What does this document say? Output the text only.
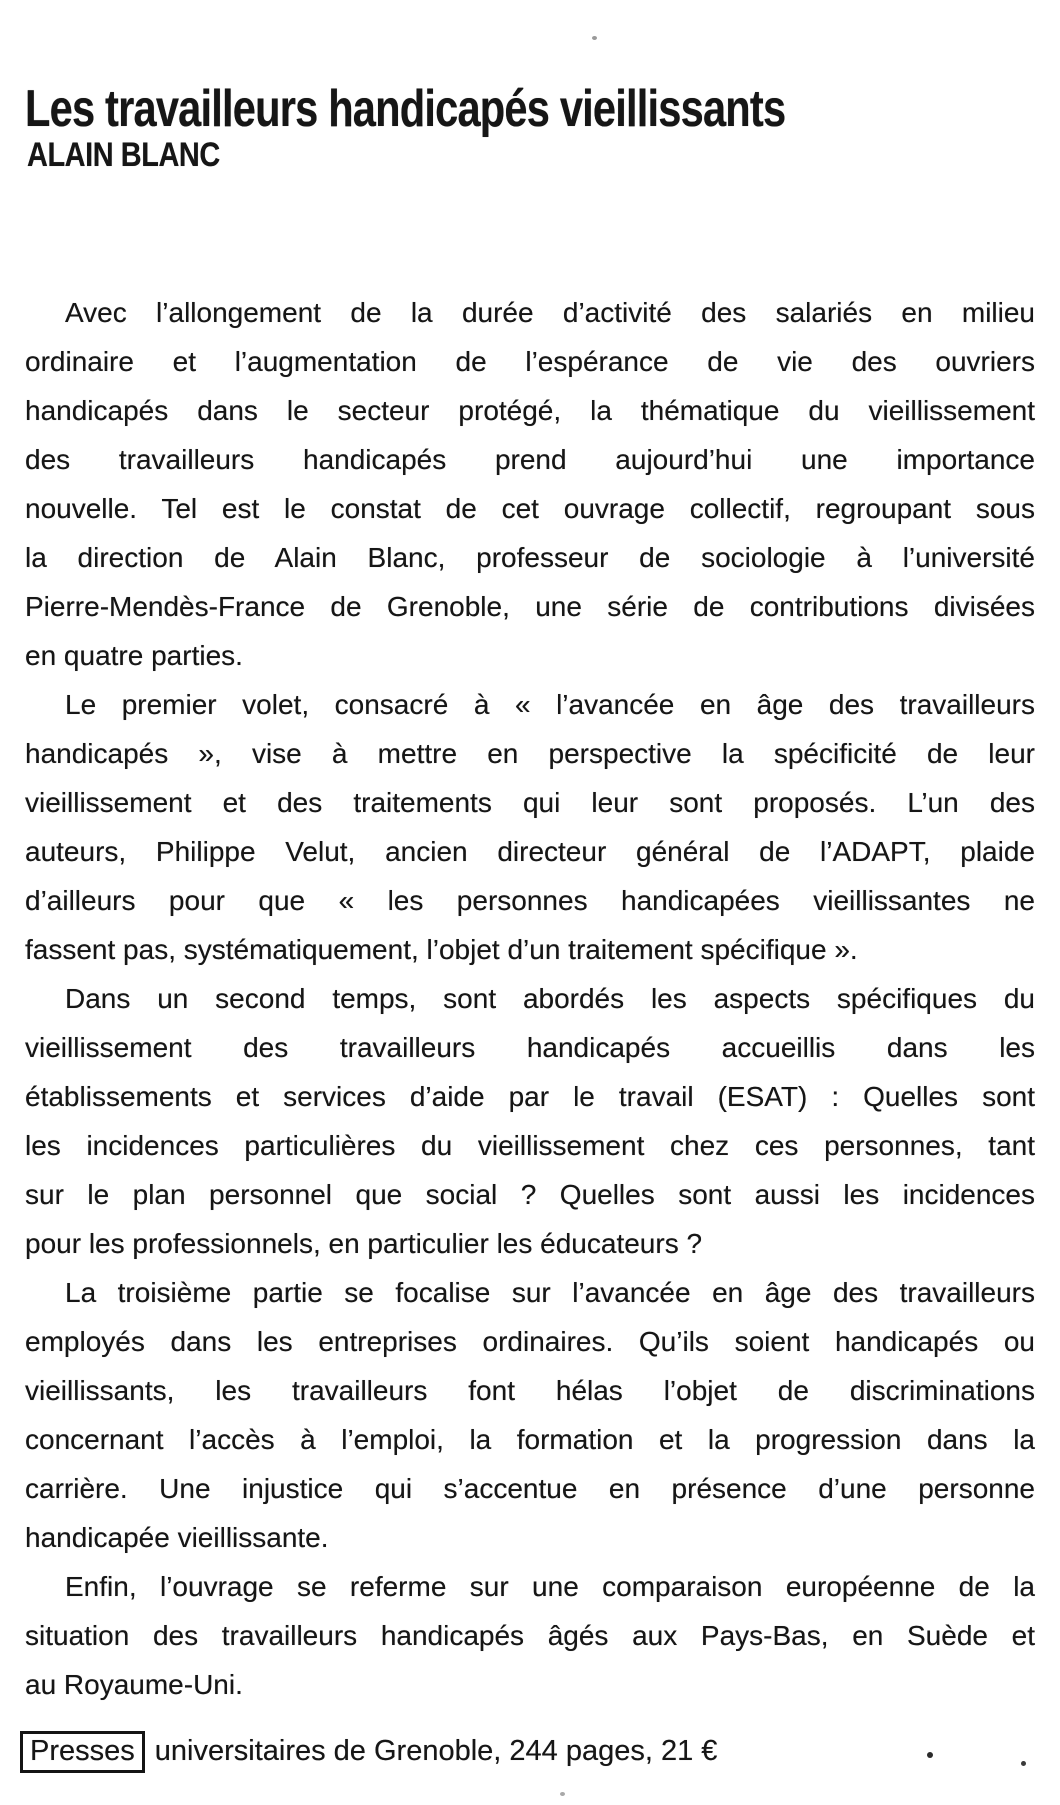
Les travailleurs handicapés vieillissants
ALAIN BLANC
Avec l’allongement de la durée d’activité des salariés en milieu
ordinaire et l’augmentation de l’espérance de vie des ouvriers
handicapés dans le secteur protégé, la thématique du vieillissement
des travailleurs handicapés prend aujourd’hui une importance
nouvelle. Tel est le constat de cet ouvrage collectif, regroupant sous
la direction de Alain Blanc, professeur de sociologie à l’université
Pierre-Mendès-France de Grenoble, une série de contributions divisées
en quatre parties.
Le premier volet, consacré à « l’avancée en âge des travailleurs
handicapés », vise à mettre en perspective la spécificité de leur
vieillissement et des traitements qui leur sont proposés. L’un des
auteurs, Philippe Velut, ancien directeur général de l’ADAPT, plaide
d’ailleurs pour que « les personnes handicapées vieillissantes ne
fassent pas, systématiquement, l’objet d’un traitement spécifique ».
Dans un second temps, sont abordés les aspects spécifiques du
vieillissement des travailleurs handicapés accueillis dans les
établissements et services d’aide par le travail (ESAT) : Quelles sont
les incidences particulières du vieillissement chez ces personnes, tant
sur le plan personnel que social ? Quelles sont aussi les incidences
pour les professionnels, en particulier les éducateurs ?
La troisième partie se focalise sur l’avancée en âge des travailleurs
employés dans les entreprises ordinaires. Qu’ils soient handicapés ou
vieillissants, les travailleurs font hélas l’objet de discriminations
concernant l’accès à l’emploi, la formation et la progression dans la
carrière. Une injustice qui s’accentue en présence d’une personne
handicapée vieillissante.
Enfin, l’ouvrage se referme sur une comparaison européenne de la
situation des travailleurs handicapés âgés aux Pays-Bas, en Suède et
au Royaume-Uni.
Presses universitaires de Grenoble, 244 pages, 21 €
